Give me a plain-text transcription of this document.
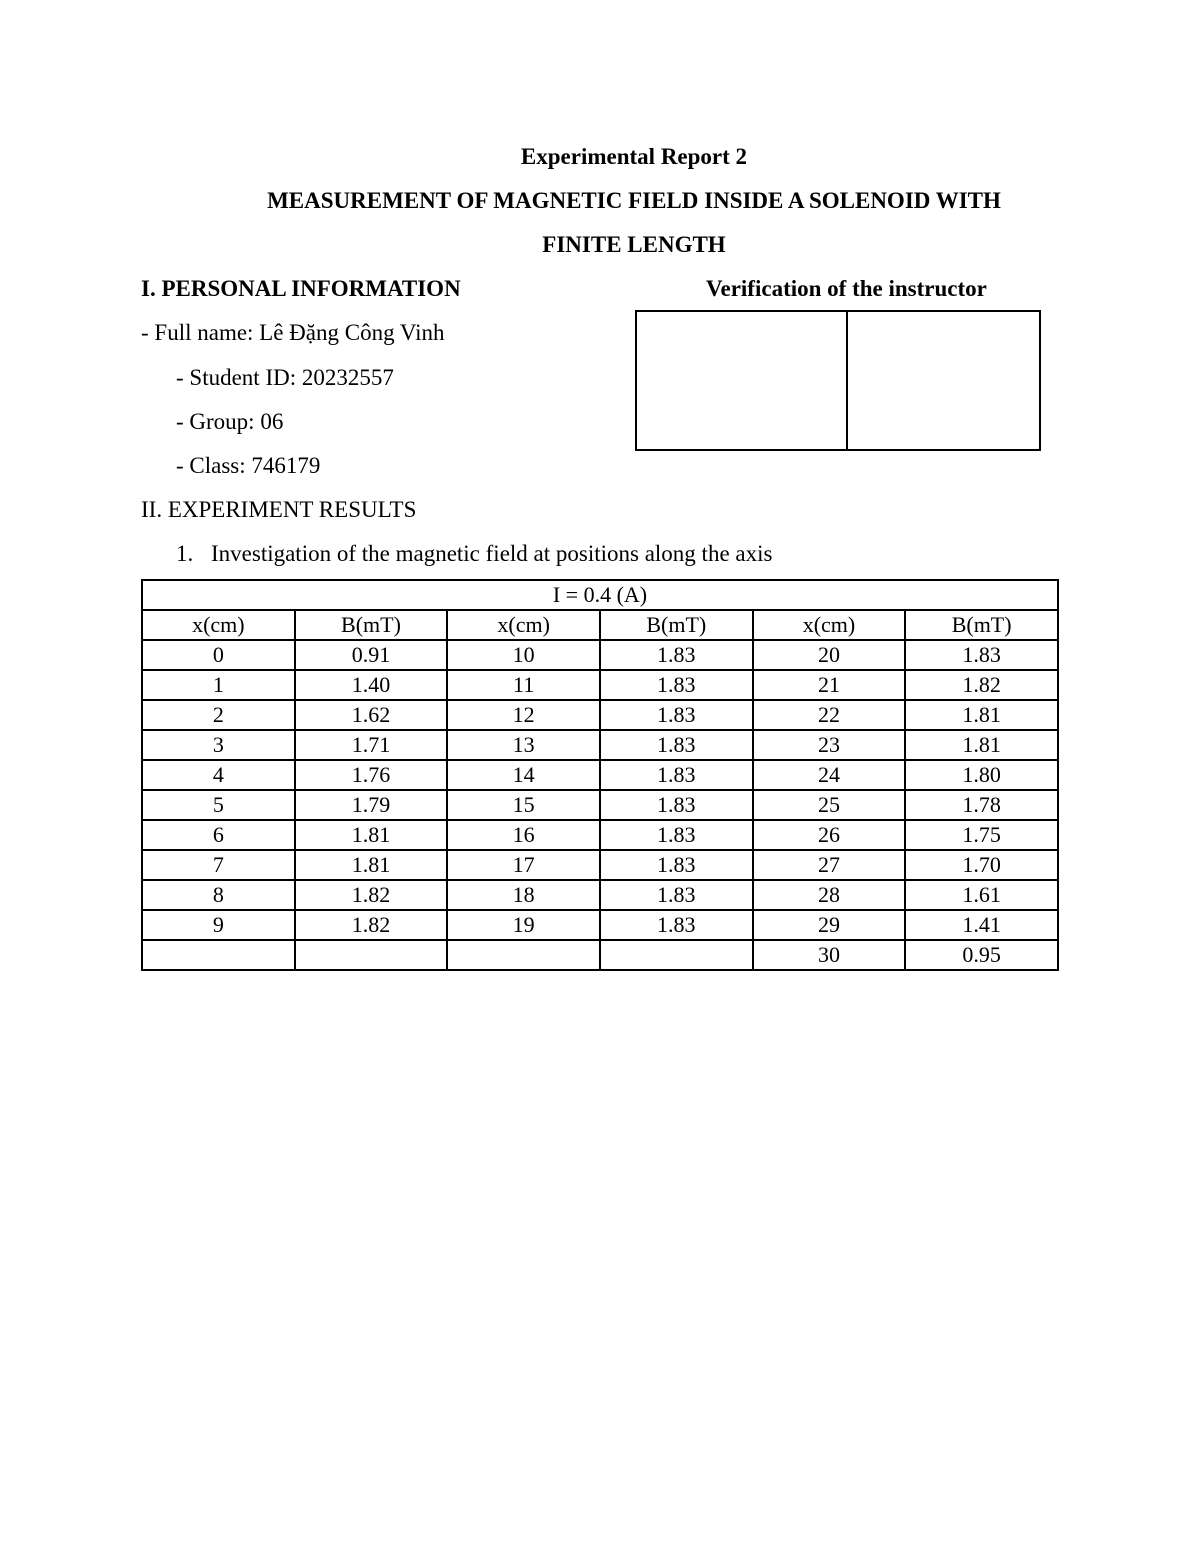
Experimental Report 2
MEASUREMENT OF MAGNETIC FIELD INSIDE A SOLENOID WITH
FINITE LENGTH
I. PERSONAL INFORMATION	Verification of the instructor
- Full name: Lê Đặng Công Vinh
- Student ID: 20232557
- Group: 06
- Class: 746179
II. EXPERIMENT RESULTS
1. Investigation of the magnetic field at positions along the axis
I = 0.4 (A)					
x(cm)	B(mT)	x(cm)	B(mT)	x(cm)	B(mT)
0	0.91	10	1.83	20	1.83
1	1.40	11	1.83	21	1.82
2	1.62	12	1.83	22	1.81
3	1.71	13	1.83	23	1.81
4	1.76	14	1.83	24	1.80
5	1.79	15	1.83	25	1.78
6	1.81	16	1.83	26	1.75
7	1.81	17	1.83	27	1.70
8	1.82	18	1.83	28	1.61
9	1.82	19	1.83	29	1.41
				30	0.95
